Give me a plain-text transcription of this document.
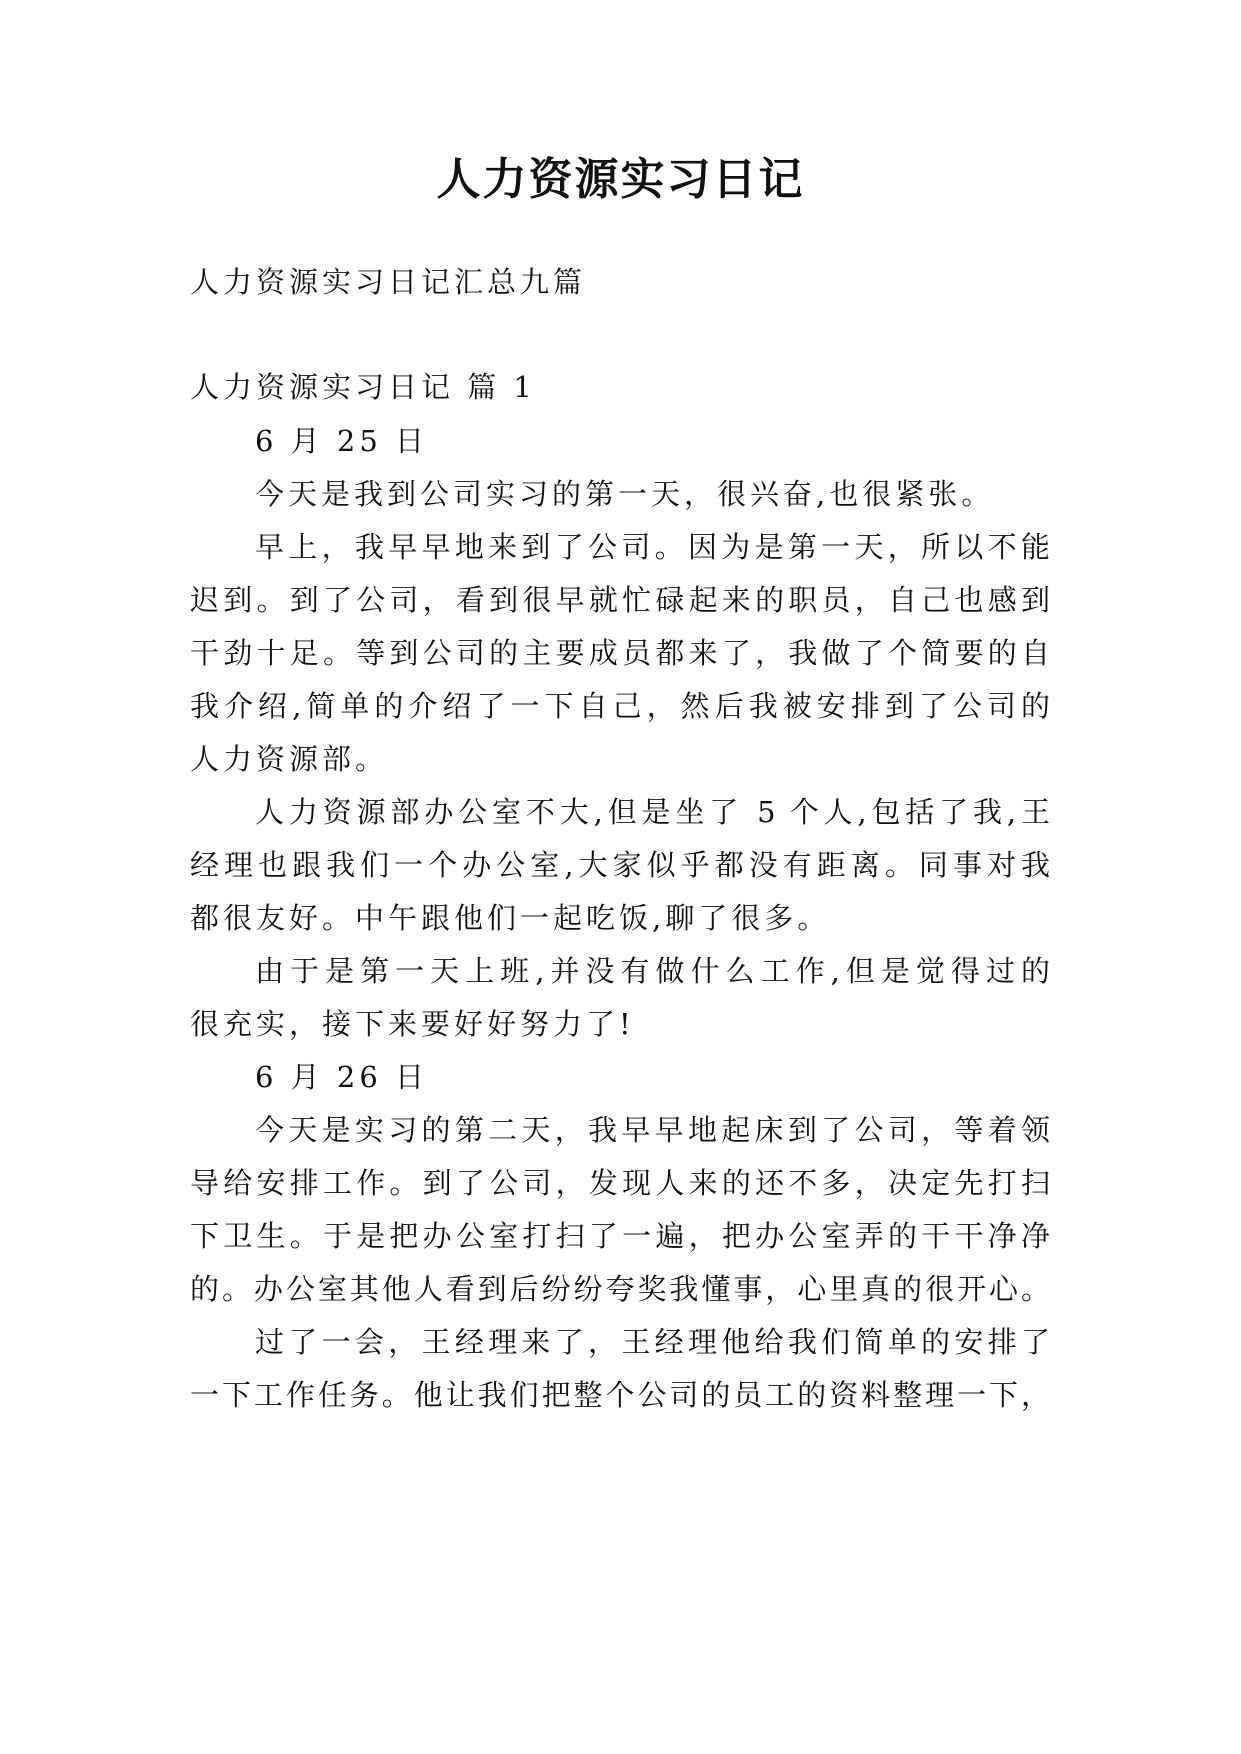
人力资源实习日记
人力资源实习日记汇总九篇
人力资源实习日记 篇 1
6 月 25 日
今天是我到公司实习的第一天，很兴奋,也很紧张。
早上，我早早地来到了公司。因为是第一天，所以不能
迟到。到了公司，看到很早就忙碌起来的职员，自己也感到
干劲十足。等到公司的主要成员都来了，我做了个简要的自
我介绍,简单的介绍了一下自己，然后我被安排到了公司的
人力资源部。
人力资源部办公室不大,但是坐了 5 个人,包括了我,王
经理也跟我们一个办公室,大家似乎都没有距离。同事对我
都很友好。中午跟他们一起吃饭,聊了很多。
由于是第一天上班,并没有做什么工作,但是觉得过的
很充实，接下来要好好努力了!
6 月 26 日
今天是实习的第二天，我早早地起床到了公司，等着领
导给安排工作。到了公司，发现人来的还不多，决定先打扫
下卫生。于是把办公室打扫了一遍，把办公室弄的干干净净
的。办公室其他人看到后纷纷夸奖我懂事，心里真的很开心。
过了一会，王经理来了，王经理他给我们简单的安排了
一下工作任务。他让我们把整个公司的员工的资料整理一下，
